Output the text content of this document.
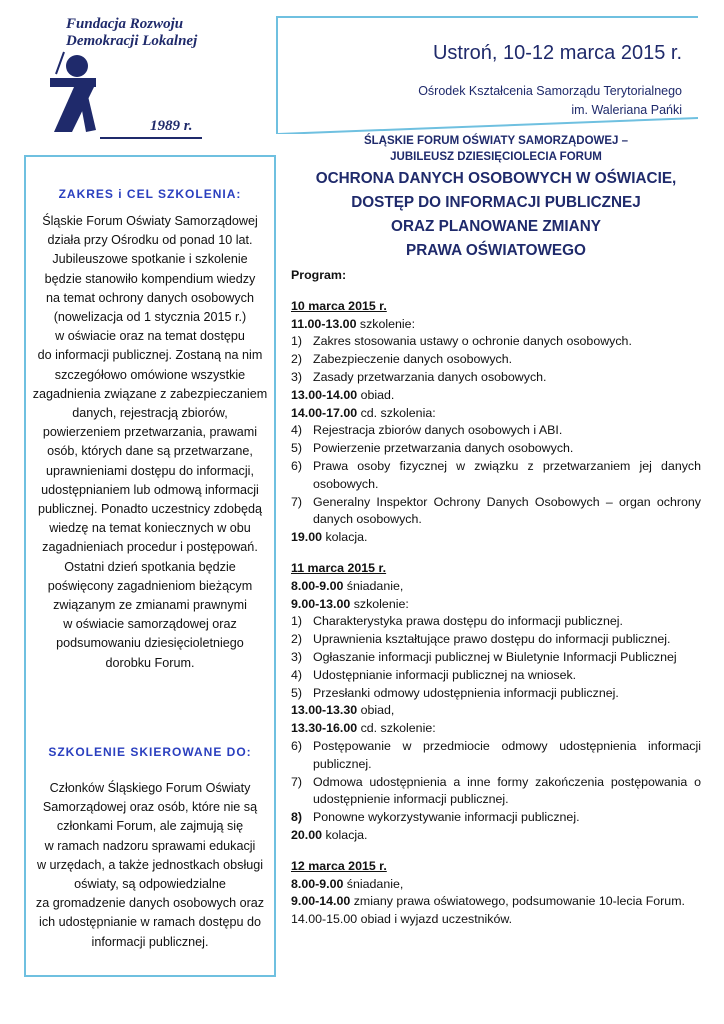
Fundacja Rozwoju
Demokracji Lokalnej
1989 r.
Ustroń, 10-12 marca 2015 r.
Ośrodek Kształcenia Samorządu Terytorialnego
im. Waleriana Pańki
ZAKRES i CEL SZKOLENIA:
Śląskie Forum Oświaty Samorządowej
działa przy Ośrodku od ponad 10 lat.
Jubileuszowe spotkanie i szkolenie
będzie stanowiło kompendium wiedzy
na temat ochrony danych osobowych
(nowelizacja od 1 stycznia 2015 r.)
w oświacie oraz na temat dostępu
do informacji publicznej. Zostaną na nim
szczegółowo omówione wszystkie
zagadnienia związane z zabezpieczaniem
danych, rejestracją zbiorów,
powierzeniem przetwarzania, prawami
osób, których dane są przetwarzane,
uprawnieniami dostępu do informacji,
udostępnianiem lub odmową informacji
publicznej. Ponadto uczestnicy zdobędą
wiedzę na temat koniecznych w obu
zagadnieniach procedur i postępowań.
Ostatni dzień spotkania będzie
poświęcony zagadnieniom bieżącym
związanym ze zmianami prawnymi
w oświacie samorządowej oraz
podsumowaniu dziesięcioletniego
dorobku Forum.
SZKOLENIE SKIEROWANE DO:
Członków Śląskiego Forum Oświaty
Samorządowej oraz osób, które nie są
członkami Forum, ale zajmują się
w ramach nadzoru sprawami edukacji
w urzędach, a także jednostkach obsługi
oświaty, są odpowiedzialne
za gromadzenie danych osobowych oraz
ich udostępnianie w ramach dostępu do
informacji publicznej.
ŚLĄSKIE FORUM OŚWIATY SAMORZĄDOWEJ –
JUBILEUSZ DZIESIĘCIOLECIA FORUM
OCHRONA DANYCH OSOBOWYCH W OŚWIACIE,
DOSTĘP DO INFORMACJI PUBLICZNEJ
ORAZ PLANOWANE ZMIANY
PRAWA OŚWIATOWEGO
Program:
10 marca 2015 r.
11.00-13.00 szkolenie:
1) Zakres stosowania ustawy o ochronie danych osobowych.
2) Zabezpieczenie danych osobowych.
3) Zasady przetwarzania danych osobowych.
13.00-14.00 obiad.
14.00-17.00 cd. szkolenia:
4) Rejestracja zbiorów danych osobowych i ABI.
5) Powierzenie przetwarzania danych osobowych.
6) Prawa osoby fizycznej w związku z przetwarzaniem jej danych osobowych.
7) Generalny Inspektor Ochrony Danych Osobowych – organ ochrony danych osobowych.
19.00 kolacja.
11 marca 2015 r.
8.00-9.00 śniadanie,
9.00-13.00 szkolenie:
1) Charakterystyka prawa dostępu do informacji publicznej.
2) Uprawnienia kształtujące prawo dostępu do informacji publicznej.
3) Ogłaszanie informacji publicznej w Biuletynie Informacji Publicznej
4) Udostępnianie informacji publicznej na wniosek.
5) Przesłanki odmowy udostępnienia informacji publicznej.
13.00-13.30 obiad,
13.30-16.00 cd. szkolenie:
6) Postępowanie w przedmiocie odmowy udostępnienia informacji publicznej.
7) Odmowa udostępnienia a inne formy zakończenia postępowania o udostępnienie informacji publicznej.
8) Ponowne wykorzystywanie informacji publicznej.
20.00 kolacja.
12 marca 2015 r.
8.00-9.00 śniadanie,
9.00-14.00 zmiany prawa oświatowego, podsumowanie 10-lecia Forum.
14.00-15.00 obiad i wyjazd uczestników.
